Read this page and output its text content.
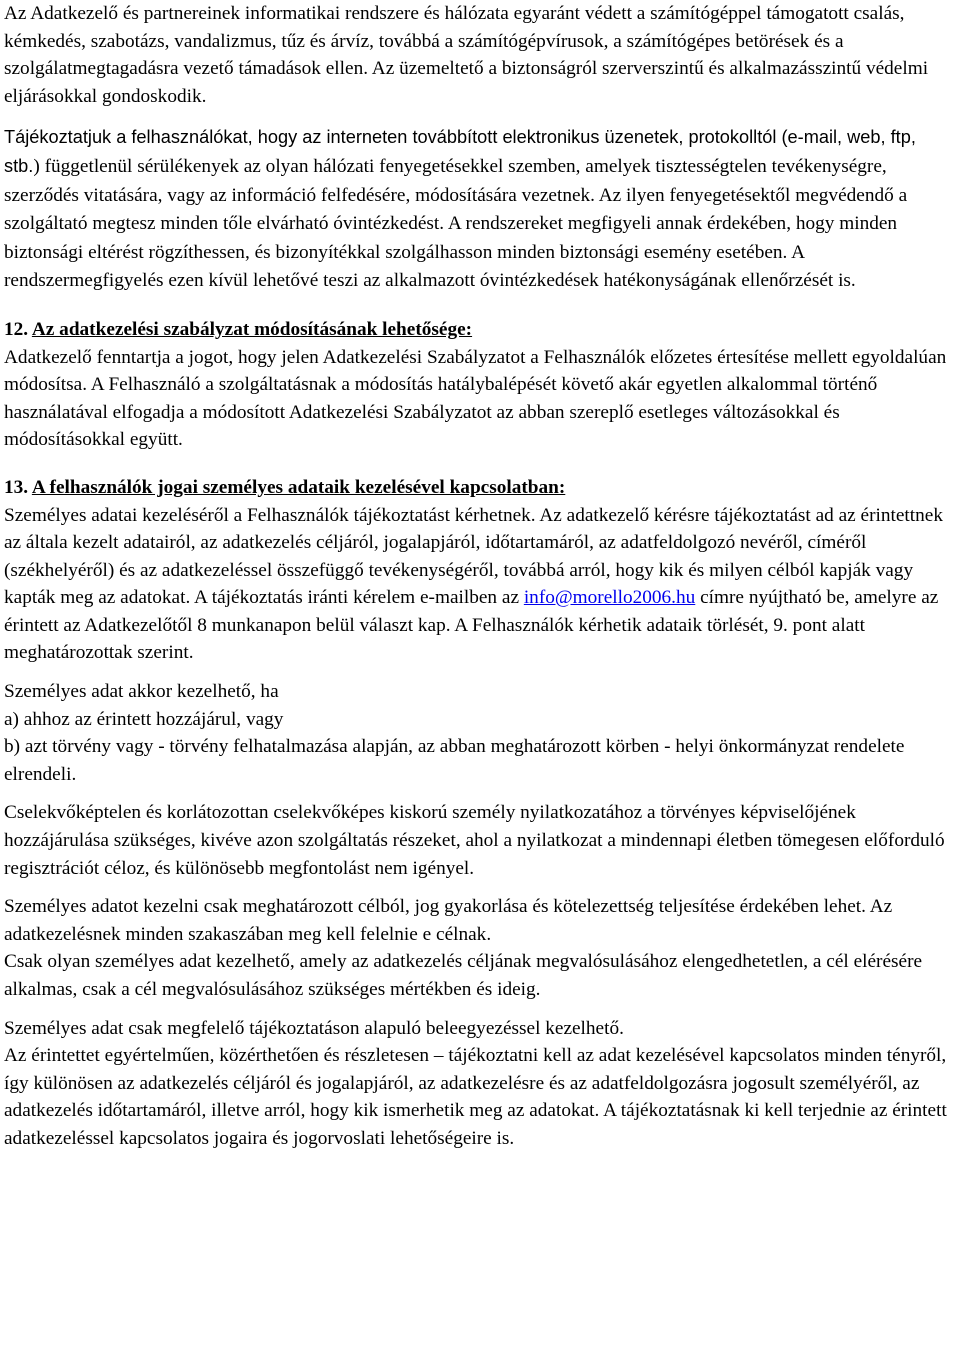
Az Adatkezelő és partnereinek informatikai rendszere és hálózata egyaránt védett a számítógéppel támogatott csalás, kémkedés, szabotázs, vandalizmus, tűz és árvíz, továbbá a számítógépvírusok, a számítógépes betörések és a szolgálatmegtagadásra vezető támadások ellen. Az üzemeltető a biztonságról szerverszintű és alkalmazásszintű védelmi eljárásokkal gondoskodik.

Tájékoztatjuk a felhasználókat, hogy az interneten továbbított elektronikus üzenetek, protokolltól (e-mail, web, ftp, stb.) függetlenül sérülékenyek az olyan hálózati fenyegetésekkel szemben, amelyek tisztességtelen tevékenységre, szerződés vitatására, vagy az információ felfedésére, módosítására vezetnek. Az ilyen fenyegetésektől megvédendő a szolgáltató megtesz minden tőle elvárható óvintézkedést. A rendszereket megfigyeli annak érdekében, hogy minden biztonsági eltérést rögzíthessen, és bizonyítékkal szolgálhasson minden biztonsági esemény esetében. A rendszermegfigyelés ezen kívül lehetővé teszi az alkalmazott óvintézkedések hatékonyságának ellenőrzését is.

12. Az adatkezelési szabályzat módosításának lehetősége:

Adatkezelő fenntartja a jogot, hogy jelen Adatkezelési Szabályzatot a Felhasználók előzetes értesítése mellett egyoldalúan módosítsa. A Felhasználó a szolgáltatásnak a módosítás hatálybalépését követő akár egyetlen alkalommal történő használatával elfogadja a módosított Adatkezelési Szabályzatot az abban szereplő esetleges változásokkal és módosításokkal együtt.

13. A felhasználók jogai személyes adataik kezelésével kapcsolatban:

Személyes adatai kezeléséről a Felhasználók tájékoztatást kérhetnek. Az adatkezelő kérésre tájékoztatást ad az érintettnek az általa kezelt adatairól, az adatkezelés céljáról, jogalapjáról, időtartamáról, az adatfeldolgozó nevéről, címéről (székhelyéről) és az adatkezeléssel összefüggő tevékenységéről, továbbá arról, hogy kik és milyen célból kapják vagy kapták meg az adatokat. A tájékoztatás iránti kérelem e-mailben az info@morello2006.hu címre nyújtható be, amelyre az érintett az Adatkezelőtől 8 munkanapon belül választ kap. A Felhasználók kérhetik adataik törlését, 9. pont alatt meghatározottak szerint.

Személyes adat akkor kezelhető, ha

a) ahhoz az érintett hozzájárul, vagy

b) azt törvény vagy - törvény felhatalmazása alapján, az abban meghatározott körben - helyi önkormányzat rendelete elrendeli.

Cselekvőképtelen és korlátozottan cselekvőképes kiskorú személy nyilatkozatához a törvényes képviselőjének hozzájárulása szükséges, kivéve azon szolgáltatás részeket, ahol a nyilatkozat a mindennapi életben tömegesen előforduló regisztrációt céloz, és különösebb megfontolást nem igényel.

Személyes adatot kezelni csak meghatározott célból, jog gyakorlása és kötelezettség teljesítése érdekében lehet. Az adatkezelésnek minden szakaszában meg kell felelnie e célnak.

Csak olyan személyes adat kezelhető, amely az adatkezelés céljának megvalósulásához elengedhetetlen, a cél elérésére alkalmas, csak a cél megvalósulásához szükséges mértékben és ideig.

Személyes adat csak megfelelő tájékoztatáson alapuló beleegyezéssel kezelhető.

Az érintettet egyértelműen, közérthetően és részletesen – tájékoztatni kell az adat kezelésével kapcsolatos minden tényről, így különösen az adatkezelés céljáról és jogalapjáról, az adatkezelésre és az adatfeldolgozásra jogosult személyéről, az adatkezelés időtartamáról, illetve arról, hogy kik ismerhetik meg az adatokat. A tájékoztatásnak ki kell terjednie az érintett adatkezeléssel kapcsolatos jogaira és jogorvoslati lehetőségeire is.
